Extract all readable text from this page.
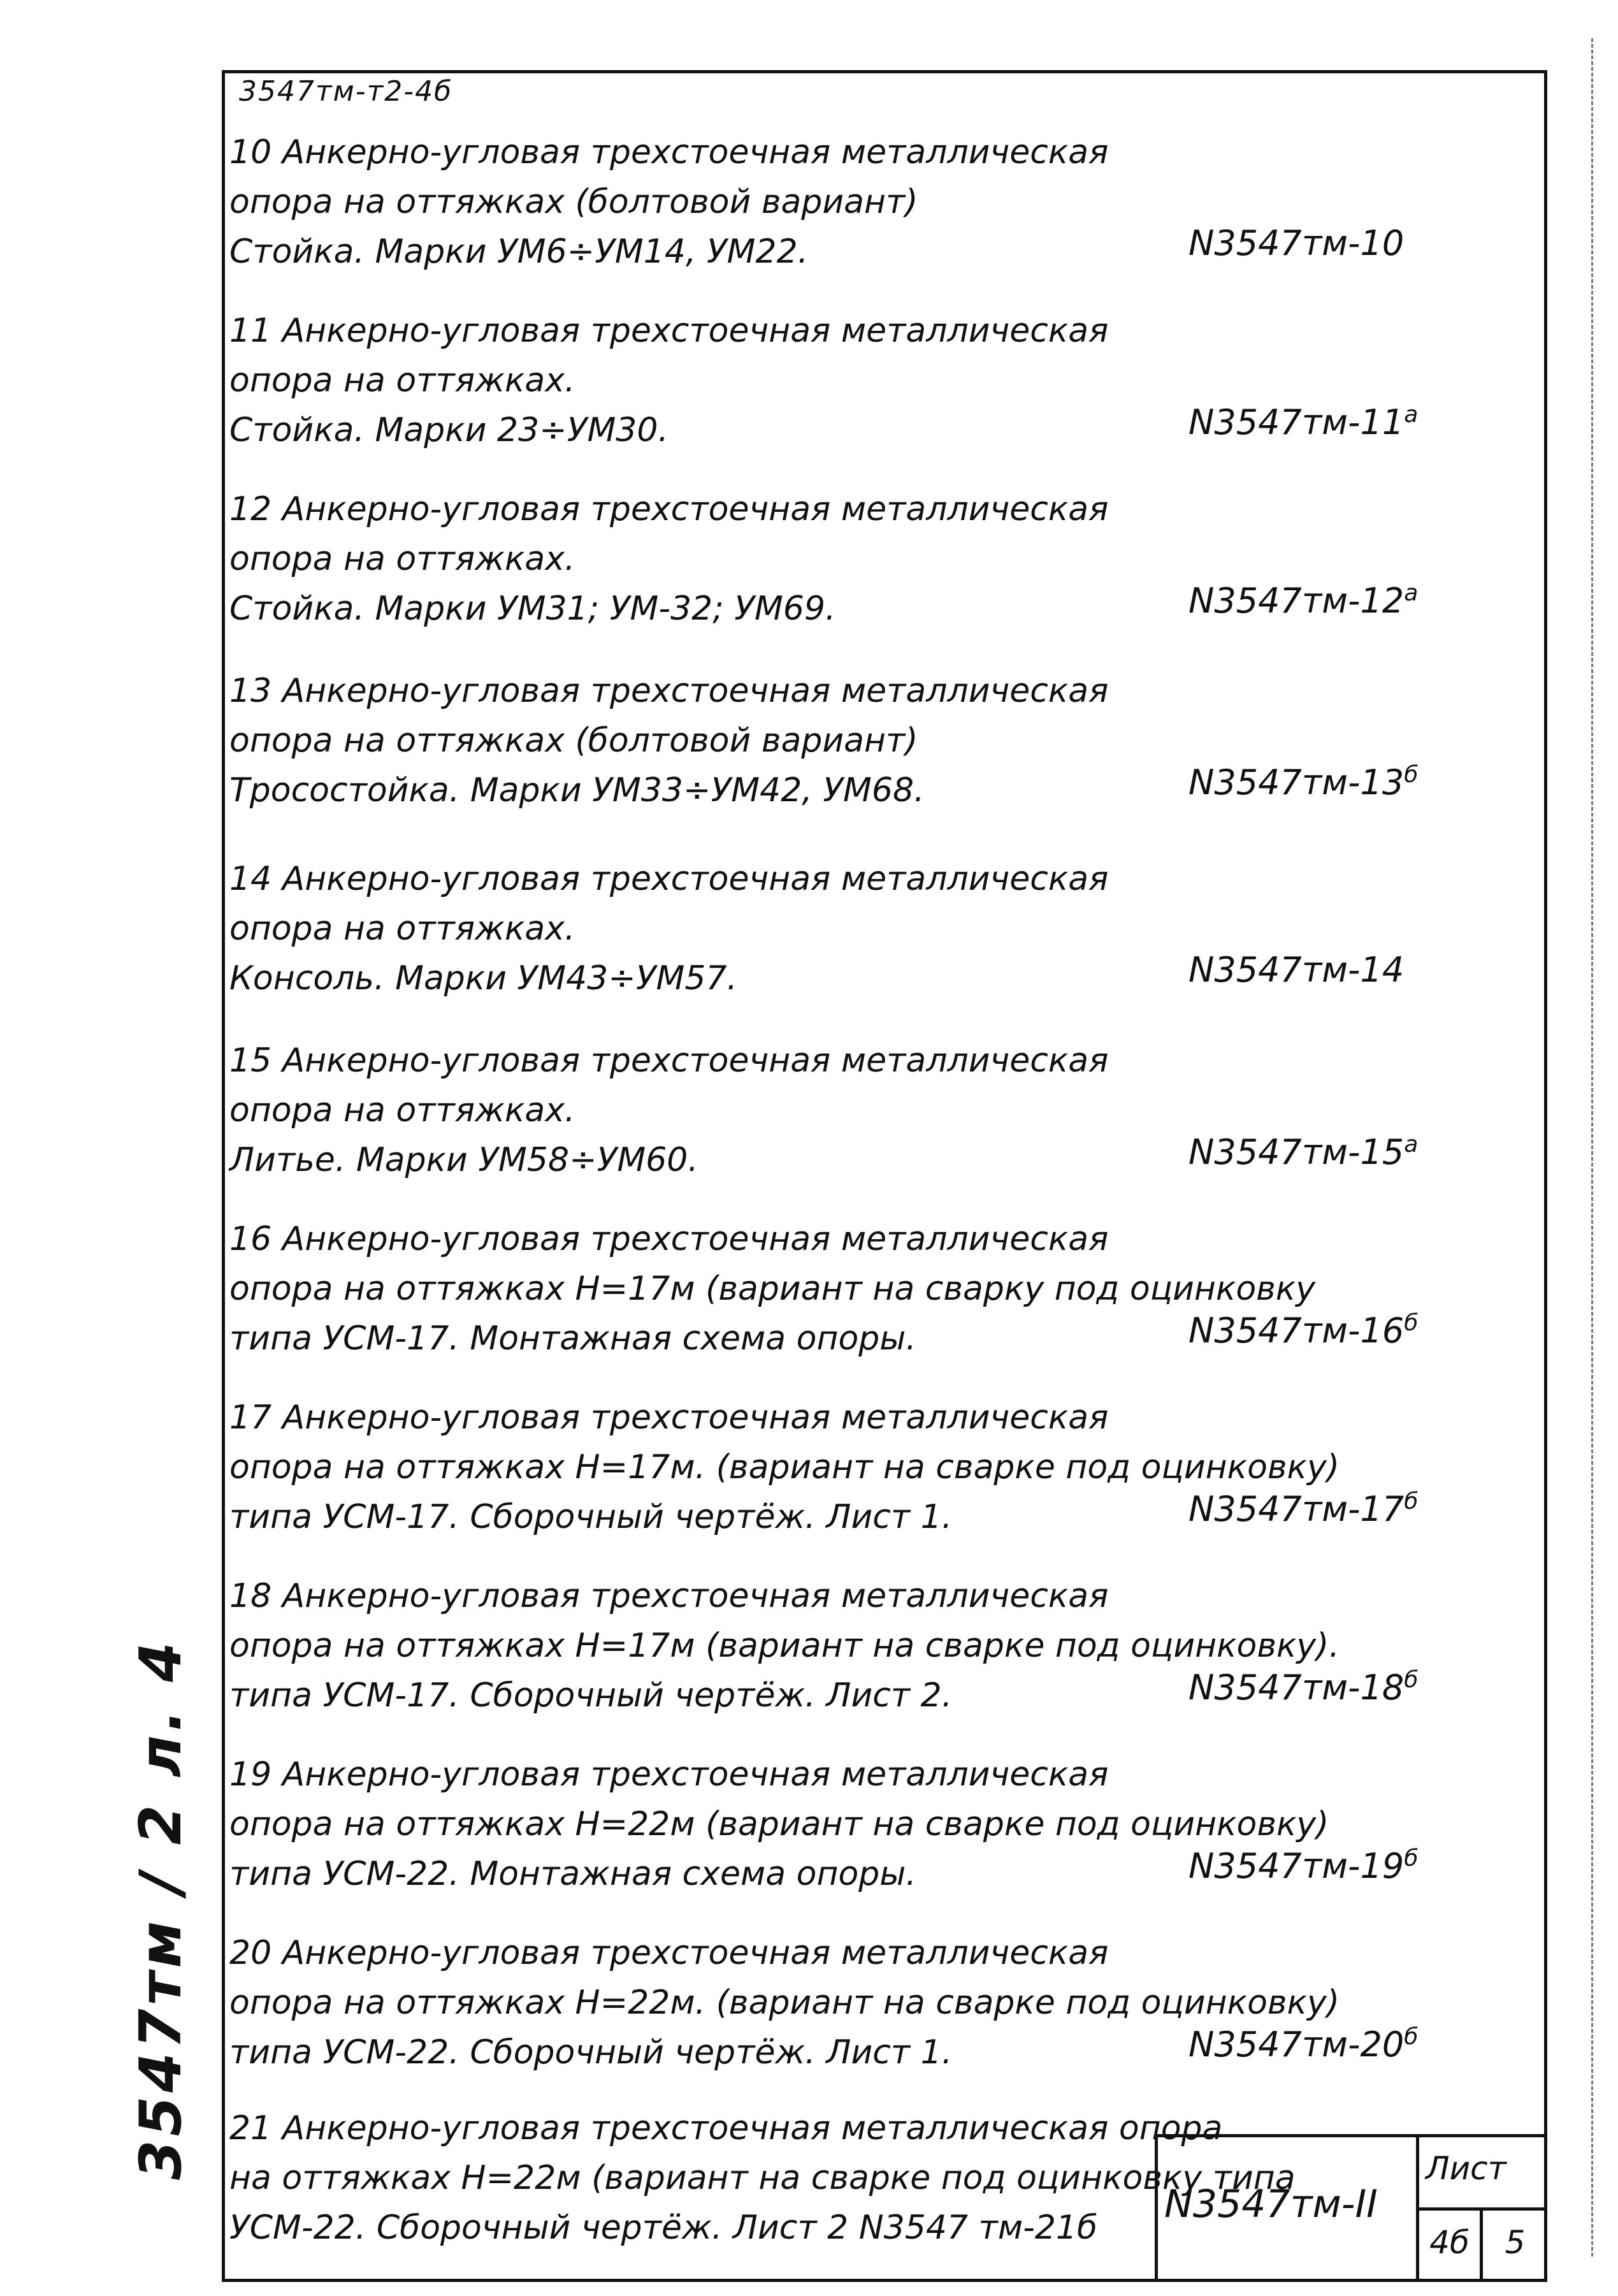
3547тм-т2-4б
10 Анкерно-угловая трехстоечная металлическая
опора на оттяжках (болтовой вариант)
Стойка. Марки УМ6÷УМ14, УМ22.	N3547тм-10
11 Анкерно-угловая трехстоечная металлическая
опора на оттяжках.
Стойка. Марки 23÷УМ30.	$N3547тм-11^а$
12 Анкерно-угловая трехстоечная металлическая
опора на оттяжках.
Стойка. Марки УМ31; УМ-32; УМ69.	$N3547тм-12^а$
13 Анкерно-угловая трехстоечная металлическая
опора на оттяжках (болтовой вариант)
Тросостойка. Марки УМ33÷УМ42, УМ68.	$N3547тм-13^б$
14 Анкерно-угловая трехстоечная металлическая
опора на оттяжках.
Консоль. Марки УМ43÷УМ57.	N3547тм-14
15 Анкерно-угловая трехстоечная металлическая
опора на оттяжках.
Литье. Марки УМ58÷УМ60.	$N3547тм-15^а$
16 Анкерно-угловая трехстоечная металлическая
опора на оттяжках Н=17м (вариант на сварку под оцинковку
типа УСМ-17. Монтажная схема опоры.	$N3547тм-16^б$
17 Анкерно-угловая трехстоечная металлическая
опора на оттяжках Н=17м. (вариант на сварке под оцинковку)
типа УСМ-17. Сборочный чертёж. Лист 1.	$N3547тм-17^б$
18 Анкерно-угловая трехстоечная металлическая
опора на оттяжках Н=17м (вариант на сварке под оцинковку).
типа УСМ-17. Сборочный чертёж. Лист 2.	$N3547тм-18^б$
19 Анкерно-угловая трехстоечная металлическая
опора на оттяжках Н=22м (вариант на сварке под оцинковку)
типа УСМ-22. Монтажная схема опоры.	$N3547тм-19^б$
20 Анкерно-угловая трехстоечная металлическая
опора на оттяжках Н=22м. (вариант на сварке под оцинковку)
типа УСМ-22. Сборочный чертёж. Лист 1.	$N3547тм-20^б$
21 Анкерно-угловая трехстоечная металлическая опора
на оттяжках Н=22м (вариант на сварке под оцинковку типа
УСМ-22. Сборочный чертёж. Лист 2 N3547 тм-21б
3547тм / 2 л. 4
N3547тм-II
Лист
4б	5
